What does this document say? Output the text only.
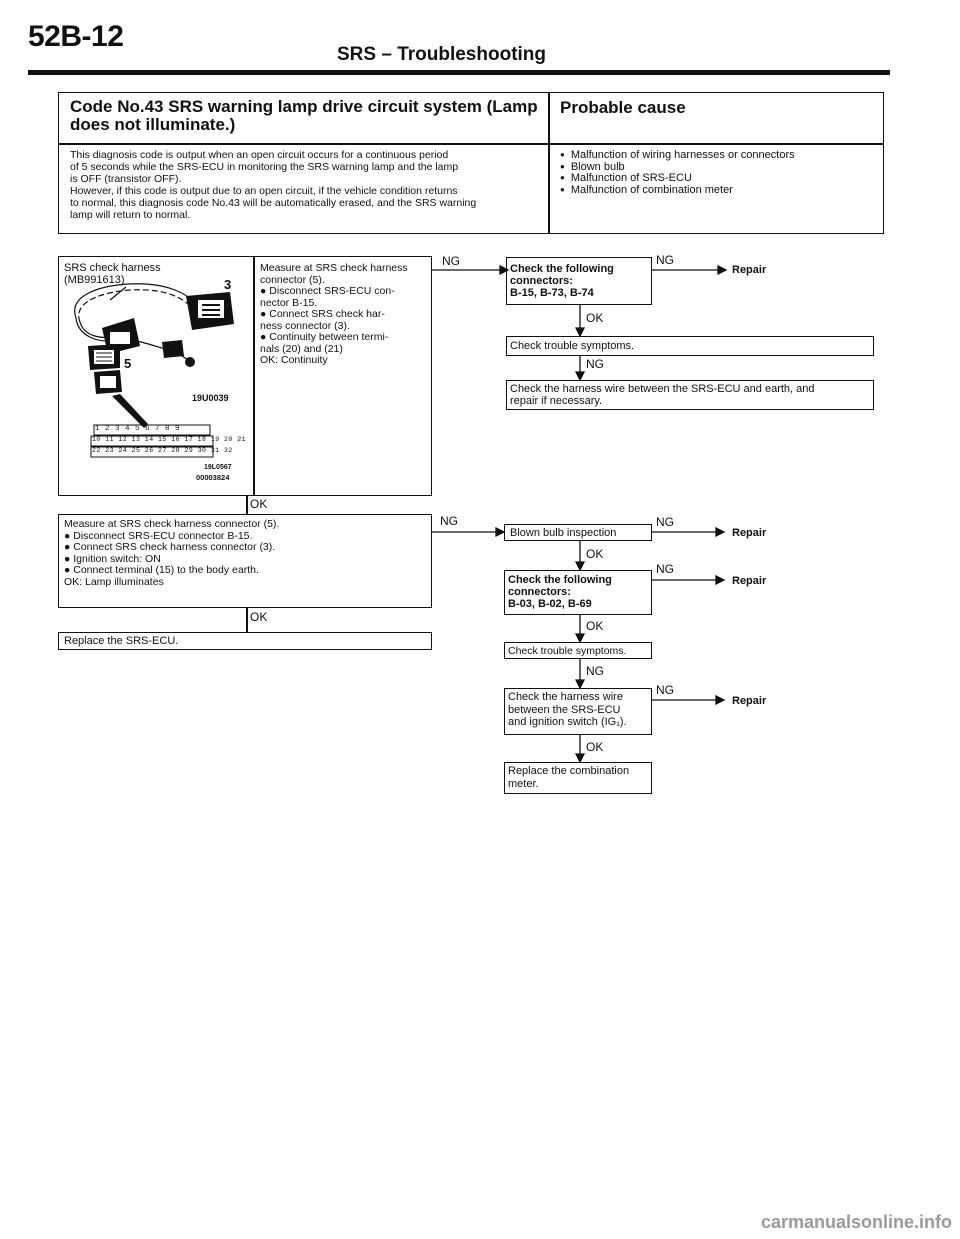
52B-12
SRS – Troubleshooting
Code No.43 SRS warning lamp drive circuit system (Lamp
does not illuminate.)
Probable cause
This diagnosis code is output when an open circuit occurs for a continuous period
of 5 seconds while the SRS-ECU in monitoring the SRS warning lamp and the lamp
is OFF (transistor OFF).
However, if this code is output due to an open circuit, if the vehicle condition returns
to normal, this diagnosis code No.43 will be automatically erased, and the SRS warning
lamp will return to normal.
● Malfunction of wiring harnesses or connectors
● Blown bulb
● Malfunction of SRS-ECU
● Malfunction of combination meter
SRS check harness
(MB991613)	3
5
19U0039
19L0567
00003824
1 2 3 4 5 6 7 8 9
10 11 12 13 14 15 16 17 18 19 20 21
22 23 24 25 26 27 28 29 30 31 32
Measure at SRS check harness
connector (5).
● Disconnect SRS-ECU con-
nector B-15.
● Connect SRS check har-
ness connector (3).
● Continuity between termi-
nals (20) and (21)
OK: Continuity
OK
Measure at SRS check harness connector (5).
● Disconnect SRS-ECU connector B-15.
● Connect SRS check harness connector (3).
● Ignition switch: ON
● Connect terminal (15) to the body earth.
OK: Lamp illuminates
OK
Replace the SRS-ECU.
NG
Check the following
connectors:
B-15, B-73, B-74
NG
Repair
OK
Check trouble symptoms.
NG
Check the harness wire between the SRS-ECU and earth, and
repair if necessary.
NG
Blown bulb inspection
NG
Repair
OK
Check the following
connectors:
B-03, B-02, B-69
NG
Repair
OK
Check trouble symptoms.
NG
Check the harness wire
between the SRS-ECU
and ignition switch (IG₁).
NG
Repair
OK
Replace the combination
meter.
carmanualsonline.info
